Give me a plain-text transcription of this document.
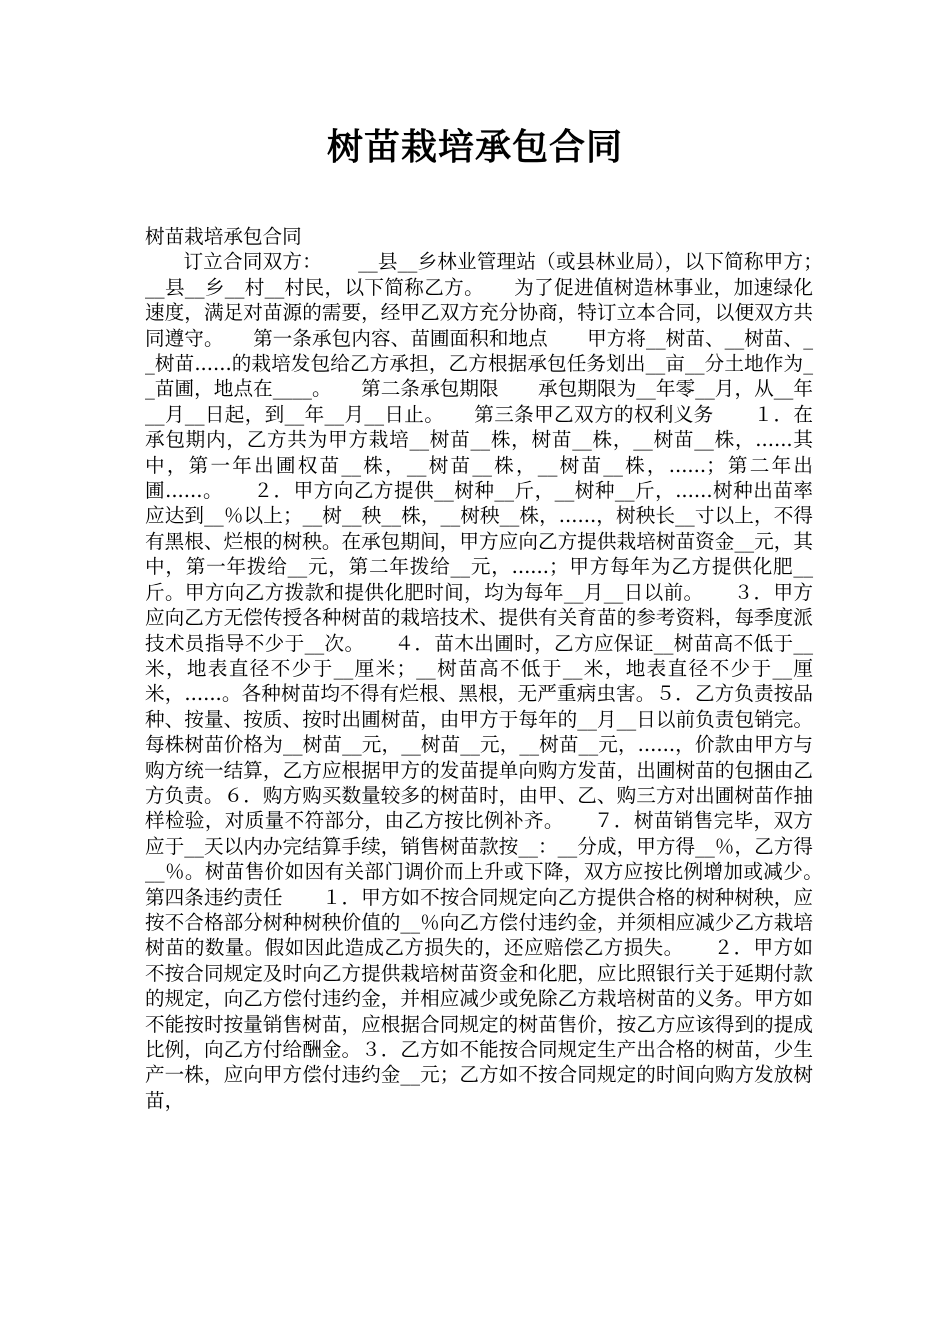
树苗栽培承包合同
树苗栽培承包合同
订立合同双方：　　 __县__乡林业管理站（或县林业局），以下简称甲方；　　 __县__乡__村__村民，以下简称乙方。　　为了促进值树造林事业，加速绿化速度，满足对苗源的需要，经甲乙双方充分协商，特订立本合同，以便双方共同遵守。　　第一条承包内容、苗圃面积和地点　　甲方将__树苗、__树苗、__树苗......的栽培发包给乙方承担，乙方根据承包任务划出__亩__分土地作为__苗圃，地点在____。　　第二条承包期限　　承包期限为__年零__月，从__年__月__日起，到__年__月__日止。　　第三条甲乙双方的权利义务　　１．在承包期内，乙方共为甲方栽培__树苗__株，树苗__株，__树苗__株，......其中，第一年出圃权苗__株，__树苗__株，__树苗__株，......；第二年出圃......。　　２．甲方向乙方提供__树种__斤，__树种__斤，......树种出苗率应达到__％以上；__树__秧__株，__树秧__株，......，树秧长__寸以上，不得有黑根、烂根的树秧。在承包期间，甲方应向乙方提供栽培树苗资金__元，其中，第一年拨给__元，第二年拨给__元，......；甲方每年为乙方提供化肥__斤。甲方向乙方拨款和提供化肥时间，均为每年__月__日以前。　　３．甲方应向乙方无偿传授各种树苗的栽培技术、提供有关育苗的参考资料，每季度派技术员指导不少于__次。　　４．苗木出圃时，乙方应保证__树苗高不低于__米，地表直径不少于__厘米；__树苗高不低于__米，地表直径不少于__厘米，......。各种树苗均不得有烂根、黑根，无严重病虫害。５．乙方负责按品种、按量、按质、按时出圃树苗，由甲方于每年的__月__日以前负责包销完。每株树苗价格为__树苗__元，__树苗__元，__树苗__元，......，价款由甲方与购方统一结算，乙方应根据甲方的发苗提单向购方发苗，出圃树苗的包捆由乙方负责。６．购方购买数量较多的树苗时，由甲、乙、购三方对出圃树苗作抽样检验，对质量不符部分，由乙方按比例补齐。　　７．树苗销售完毕，双方应于__天以内办完结算手续，销售树苗款按__：__分成，甲方得__％，乙方得__％。树苗售价如因有关部门调价而上升或下降，双方应按比例增加或减少。　　第四条违约责任　　１．甲方如不按合同规定向乙方提供合格的树种树秧，应按不合格部分树种树秧价值的__％向乙方偿付违约金，并须相应减少乙方栽培树苗的数量。假如因此造成乙方损失的，还应赔偿乙方损失。　　２．甲方如不按合同规定及时向乙方提供栽培树苗资金和化肥，应比照银行关于延期付款的规定，向乙方偿付违约金，并相应减少或免除乙方栽培树苗的义务。甲方如不能按时按量销售树苗，应根据合同规定的树苗售价，按乙方应该得到的提成比例，向乙方付给酬金。３．乙方如不能按合同规定生产出合格的树苗，少生产一株，应向甲方偿付违约金__元；乙方如不按合同规定的时间向购方发放树苗，
